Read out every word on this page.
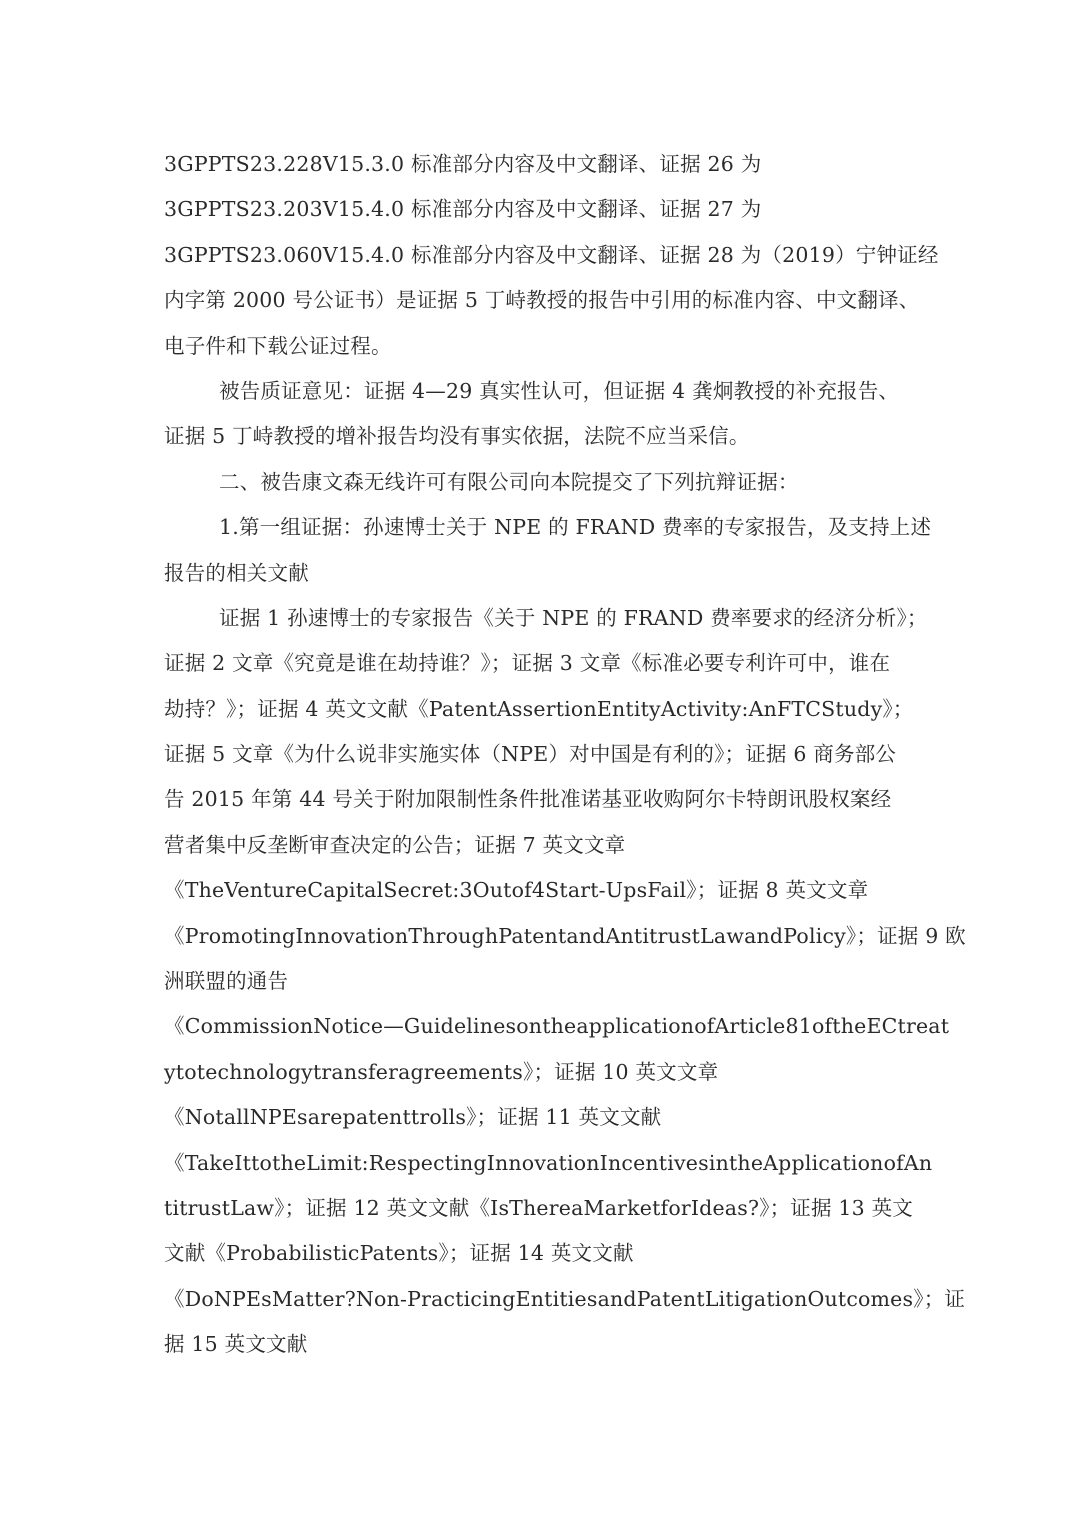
3GPPTS23.228V15.3.0 标准部分内容及中文翻译、证据 26 为
3GPPTS23.203V15.4.0 标准部分内容及中文翻译、证据 27 为
3GPPTS23.060V15.4.0 标准部分内容及中文翻译、证据 28 为（2019）宁钟证经
内字第 2000 号公证书）是证据 5 丁峙教授的报告中引用的标准内容、中文翻译、
电子件和下载公证过程。
被告质证意见：证据 4—29 真实性认可，但证据 4 龚炯教授的补充报告、
证据 5 丁峙教授的增补报告均没有事实依据，法院不应当采信。
二、被告康文森无线许可有限公司向本院提交了下列抗辩证据：
1.第一组证据：孙速博士关于 NPE 的 FRAND 费率的专家报告，及支持上述
报告的相关文献
证据 1 孙速博士的专家报告《关于 NPE 的 FRAND 费率要求的经济分析》；
证据 2 文章《究竟是谁在劫持谁？》；证据 3 文章《标准必要专利许可中，谁在
劫持？》；证据 4 英文文献《PatentAssertionEntityActivity:AnFTCStudy》；
证据 5 文章《为什么说非实施实体（NPE）对中国是有利的》；证据 6 商务部公
告 2015 年第 44 号关于附加限制性条件批准诺基亚收购阿尔卡特朗讯股权案经
营者集中反垄断审查决定的公告；证据 7 英文文章
《TheVentureCapitalSecret:3Outof4Start-UpsFail》；证据 8 英文文章
《PromotingInnovationThroughPatentandAntitrustLawandPolicy》；证据 9 欧
洲联盟的通告
《CommissionNotice—GuidelinesontheapplicationofArticle81oftheECtreat
ytotechnologytransferagreements》；证据 10 英文文章
《NotallNPEsarepatenttrolls》；证据 11 英文文献
《TakeIttotheLimit:RespectingInnovationIncentivesintheApplicationofAn
titrustLaw》；证据 12 英文文献《IsThereaMarketforIdeas?》；证据 13 英文
文献《ProbabilisticPatents》；证据 14 英文文献
《DoNPEsMatter?Non-PracticingEntitiesandPatentLitigationOutcomes》；证
据 15 英文文献
